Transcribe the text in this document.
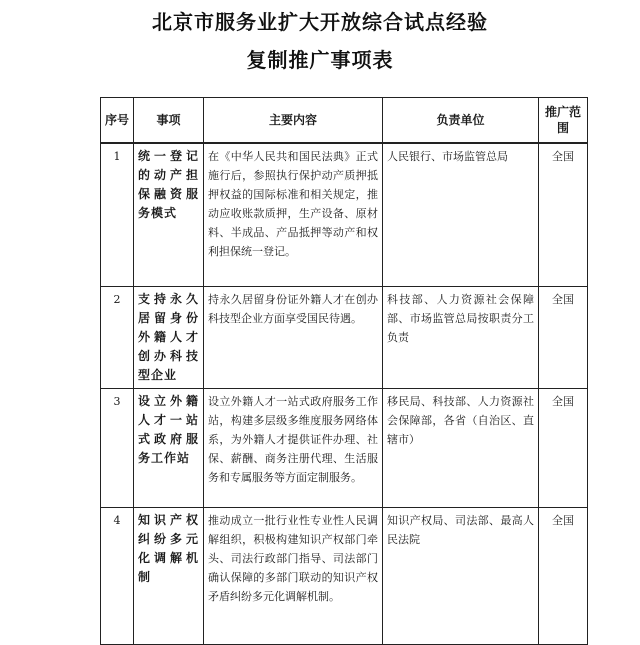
北京市服务业扩大开放综合试点经验
复制推广事项表
序号	事项	主要内容	负责单位	推广范围
1	统一登记的动产担保融资服务模式	在《中华人民共和国民法典》正式施行后，参照执行保护动产质押抵押权益的国际标准和相关规定，推动应收账款质押，生产设备、原材料、半成品、产品抵押等动产和权利担保统一登记。	人民银行、市场监管总局	全国
2	支持永久居留身份外籍人才创办科技型企业	持永久居留身份证外籍人才在创办科技型企业方面享受国民待遇。	科技部、人力资源社会保障部、市场监管总局按职责分工负责	全国
3	设立外籍人才一站式政府服务工作站	设立外籍人才一站式政府服务工作站，构建多层级多维度服务网络体系，为外籍人才提供证件办理、社保、薪酬、商务注册代理、生活服务和专属服务等方面定制服务。	移民局、科技部、人力资源社会保障部，各省（自治区、直辖市）	全国
4	知识产权纠纷多元化调解机制	推动成立一批行业性专业性人民调解组织，积极构建知识产权部门牵头、司法行政部门指导、司法部门确认保障的多部门联动的知识产权矛盾纠纷多元化调解机制。	知识产权局、司法部、最高人民法院	全国
